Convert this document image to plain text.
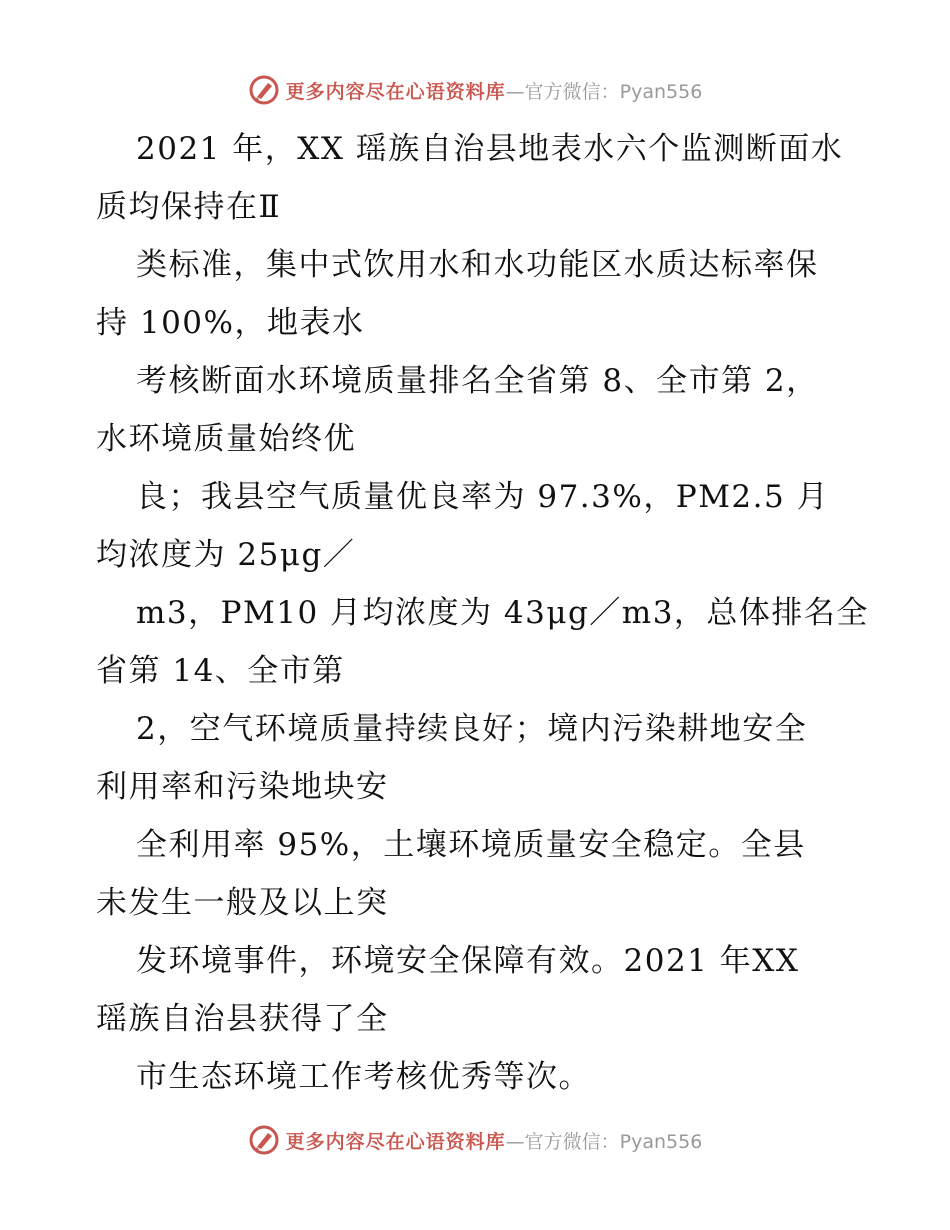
更多内容尽在心语资料库 —官方微信：Pyan556

2021 年，XX 瑶族自治县地表水六个监测断面水
质均保持在Ⅱ

类标准，集中式饮用水和水功能区水质达标率保
持 100%，地表水

考核断面水环境质量排名全省第 8、全市第 2，
水环境质量始终优

良；我县空气质量优良率为 97.3%，PM2.5 月
均浓度为 25μg／

m3，PM10 月均浓度为 43μg／m3，总体排名全
省第 14、全市第

2，空气环境质量持续良好；境内污染耕地安全
利用率和污染地块安

全利用率 95%，土壤环境质量安全稳定。全县
未发生一般及以上突

发环境事件，环境安全保障有效。2021 年XX
瑶族自治县获得了全

市生态环境工作考核优秀等次。

更多内容尽在心语资料库 —官方微信：Pyan556
